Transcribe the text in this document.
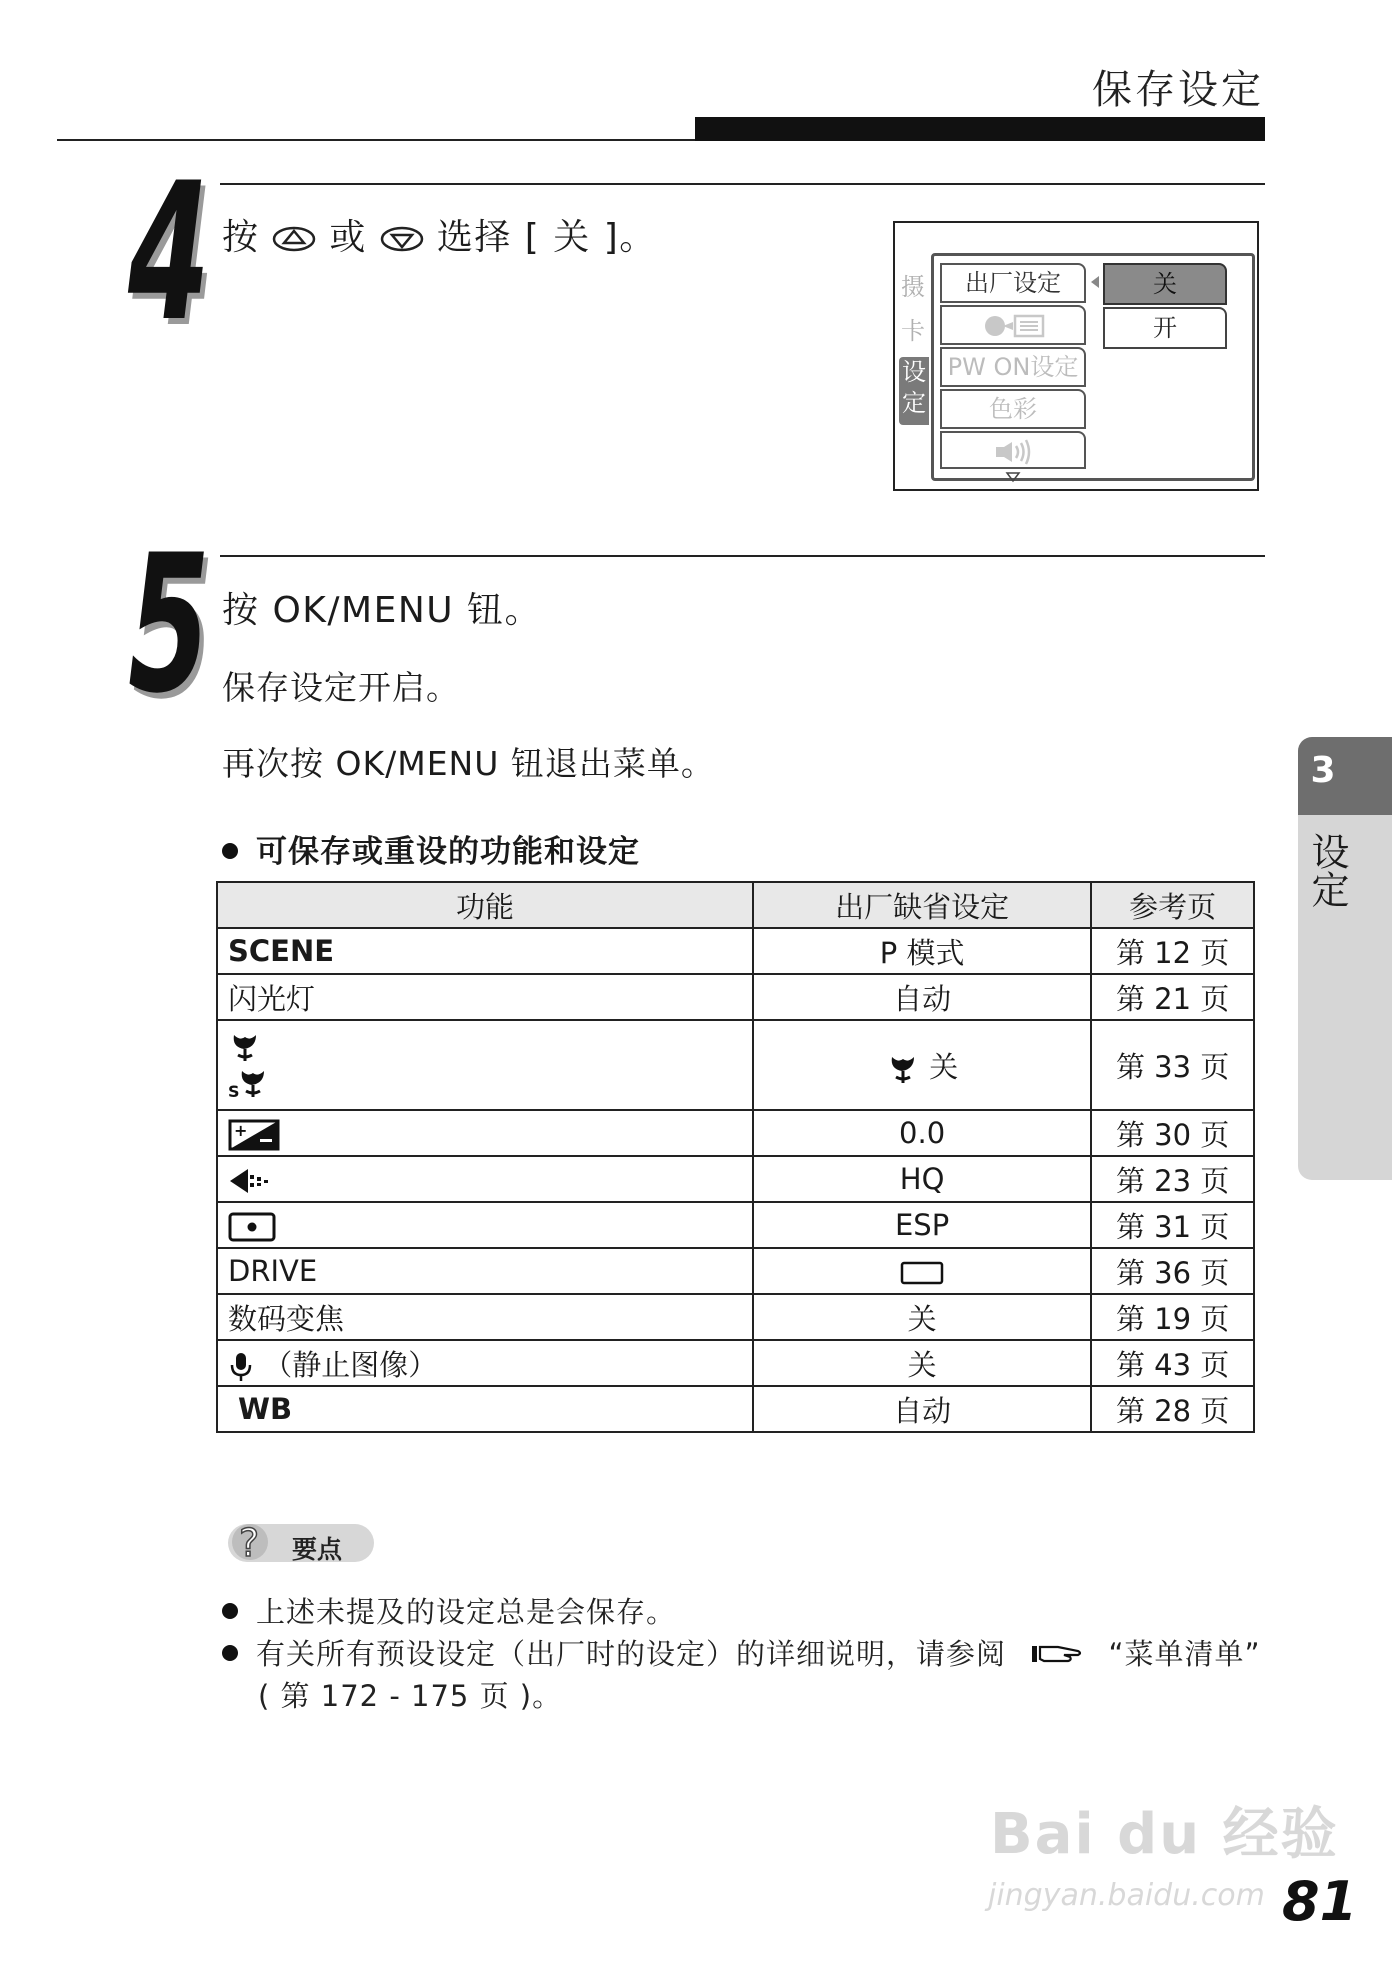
保存设定
4 按 或 选择 [ 关 ]。
摄
卡
设
定
出厂设定
PW ON设定
色彩
关
开
5 按 OK/MENU 钮。
保存设定开启。
再次按 OK/MENU 钮退出菜单。
可保存或重设的功能和设定
功能	出厂缺省设定	参考页
SCENE	P 模式	第 12 页
闪光灯	自动	第 21 页

S	关	第 33 页

+	0.0	第 30 页
	HQ	第 23 页
	ESP	第 31 页
DRIVE		第 36 页
数码变焦	关	第 19 页
（静止图像）	关	第 43 页
WB	自动	第 28 页
3
设定
? 要点
上述未提及的设定总是会保存。
有关所有预设设定（出厂时的设定）的详细说明，请参阅	“菜单清单”
( 第 172 - 175 页 )。
Bai du 经验
jingyan.baidu.com 81
